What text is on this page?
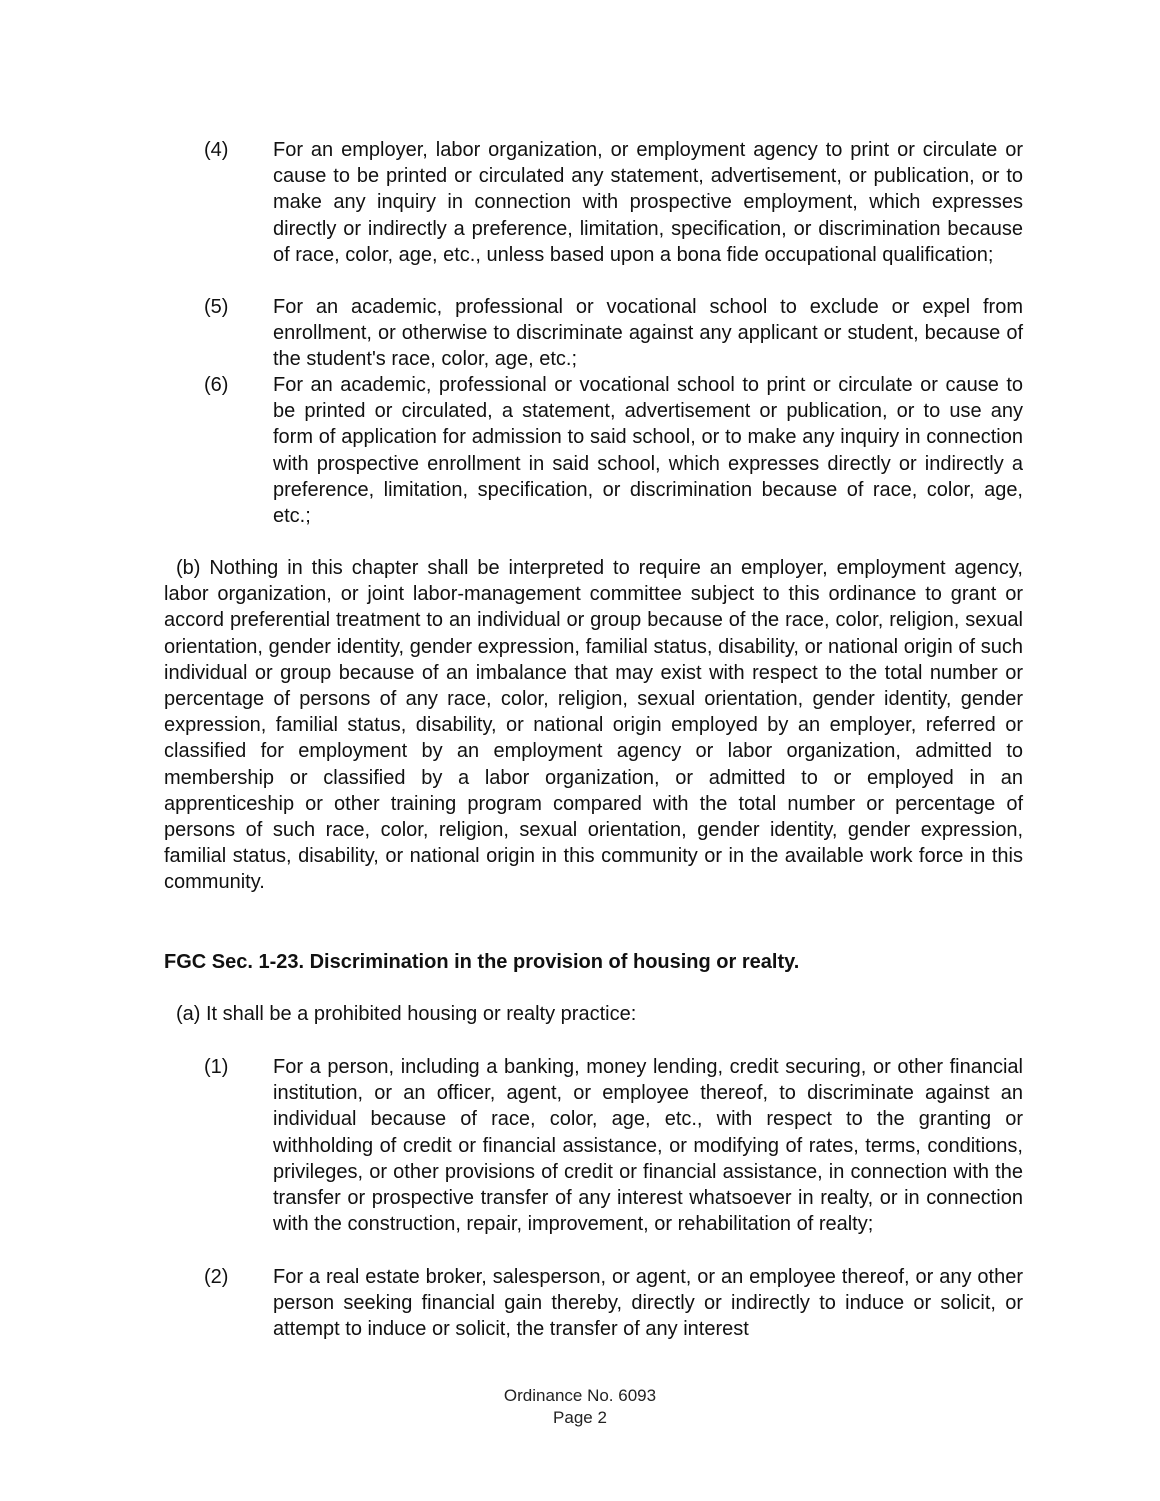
(4) For an employer, labor organization, or employment agency to print or circulate or cause to be printed or circulated any statement, advertisement, or publication, or to make any inquiry in connection with prospective employment, which expresses directly or indirectly a preference, limitation, specification, or discrimination because of race, color, age, etc., unless based upon a bona fide occupational qualification;
(5) For an academic, professional or vocational school to exclude or expel from enrollment, or otherwise to discriminate against any applicant or student, because of the student's race, color, age, etc.;
(6) For an academic, professional or vocational school to print or circulate or cause to be printed or circulated, a statement, advertisement or publication, or to use any form of application for admission to said school, or to make any inquiry in connection with prospective enrollment in said school, which expresses directly or indirectly a preference, limitation, specification, or discrimination because of race, color, age, etc.;
(b) Nothing in this chapter shall be interpreted to require an employer, employment agency, labor organization, or joint labor-management committee subject to this ordinance to grant or accord preferential treatment to an individual or group because of the race, color, religion, sexual orientation, gender identity, gender expression, familial status, disability, or national origin of such individual or group because of an imbalance that may exist with respect to the total number or percentage of persons of any race, color, religion, sexual orientation, gender identity, gender expression, familial status, disability, or national origin employed by an employer, referred or classified for employment by an employment agency or labor organization, admitted to membership or classified by a labor organization, or admitted to or employed in an apprenticeship or other training program compared with the total number or percentage of persons of such race, color, religion, sexual orientation, gender identity, gender expression, familial status, disability, or national origin in this community or in the available work force in this community.
FGC Sec. 1-23. Discrimination in the provision of housing or realty.
(a) It shall be a prohibited housing or realty practice:
(1) For a person, including a banking, money lending, credit securing, or other financial institution, or an officer, agent, or employee thereof, to discriminate against an individual because of race, color, age, etc., with respect to the granting or withholding of credit or financial assistance, or modifying of rates, terms, conditions, privileges, or other provisions of credit or financial assistance, in connection with the transfer or prospective transfer of any interest whatsoever in realty, or in connection with the construction, repair, improvement, or rehabilitation of realty;
(2) For a real estate broker, salesperson, or agent, or an employee thereof, or any other person seeking financial gain thereby, directly or indirectly to induce or solicit, or attempt to induce or solicit, the transfer of any interest
Ordinance No. 6093
Page 2
